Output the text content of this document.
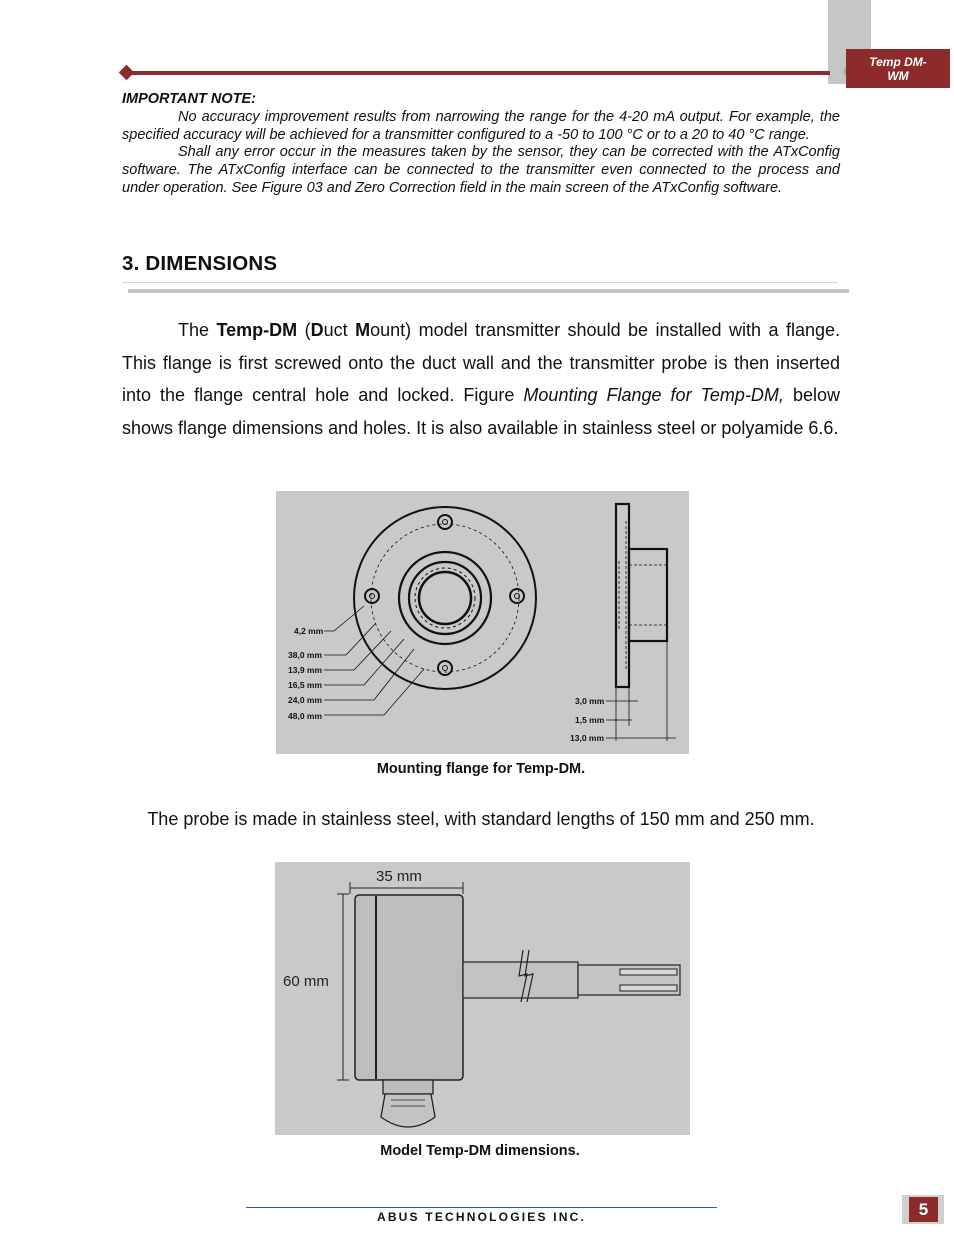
Temp DM-WM
IMPORTANT NOTE:

No accuracy improvement results from narrowing the range for the 4-20 mA output. For example, the specified accuracy will be achieved for a transmitter configured to a -50 to 100 °C or to a 20 to 40 °C range.

Shall any error occur in the measures taken by the sensor, they can be corrected with the ATxConfig software. The ATxConfig interface can be connected to the transmitter even connected to the process and under operation. See Figure 03 and Zero Correction field in the main screen of the ATxConfig software.

3. DIMENSIONS

The Temp-DM (Duct Mount) model transmitter should be installed with a flange. This flange is first screwed onto the duct wall and the transmitter probe is then inserted into the flange central hole and locked. Figure Mounting Flange for Temp-DM, below shows flange dimensions and holes. It is also available in stainless steel or polyamide 6.6.

4,2 mm
38,0 mm
13,9 mm
16,5 mm
24,0 mm
48,0 mm
3,0 mm
1,5 mm
13,0 mm
Mounting flange for Temp-DM.
The probe is made in stainless steel, with standard lengths of 150 mm and 250 mm.
35 mm
60 mm
Model Temp-DM dimensions.
ABUS TECHNOLOGIES INC.	5
